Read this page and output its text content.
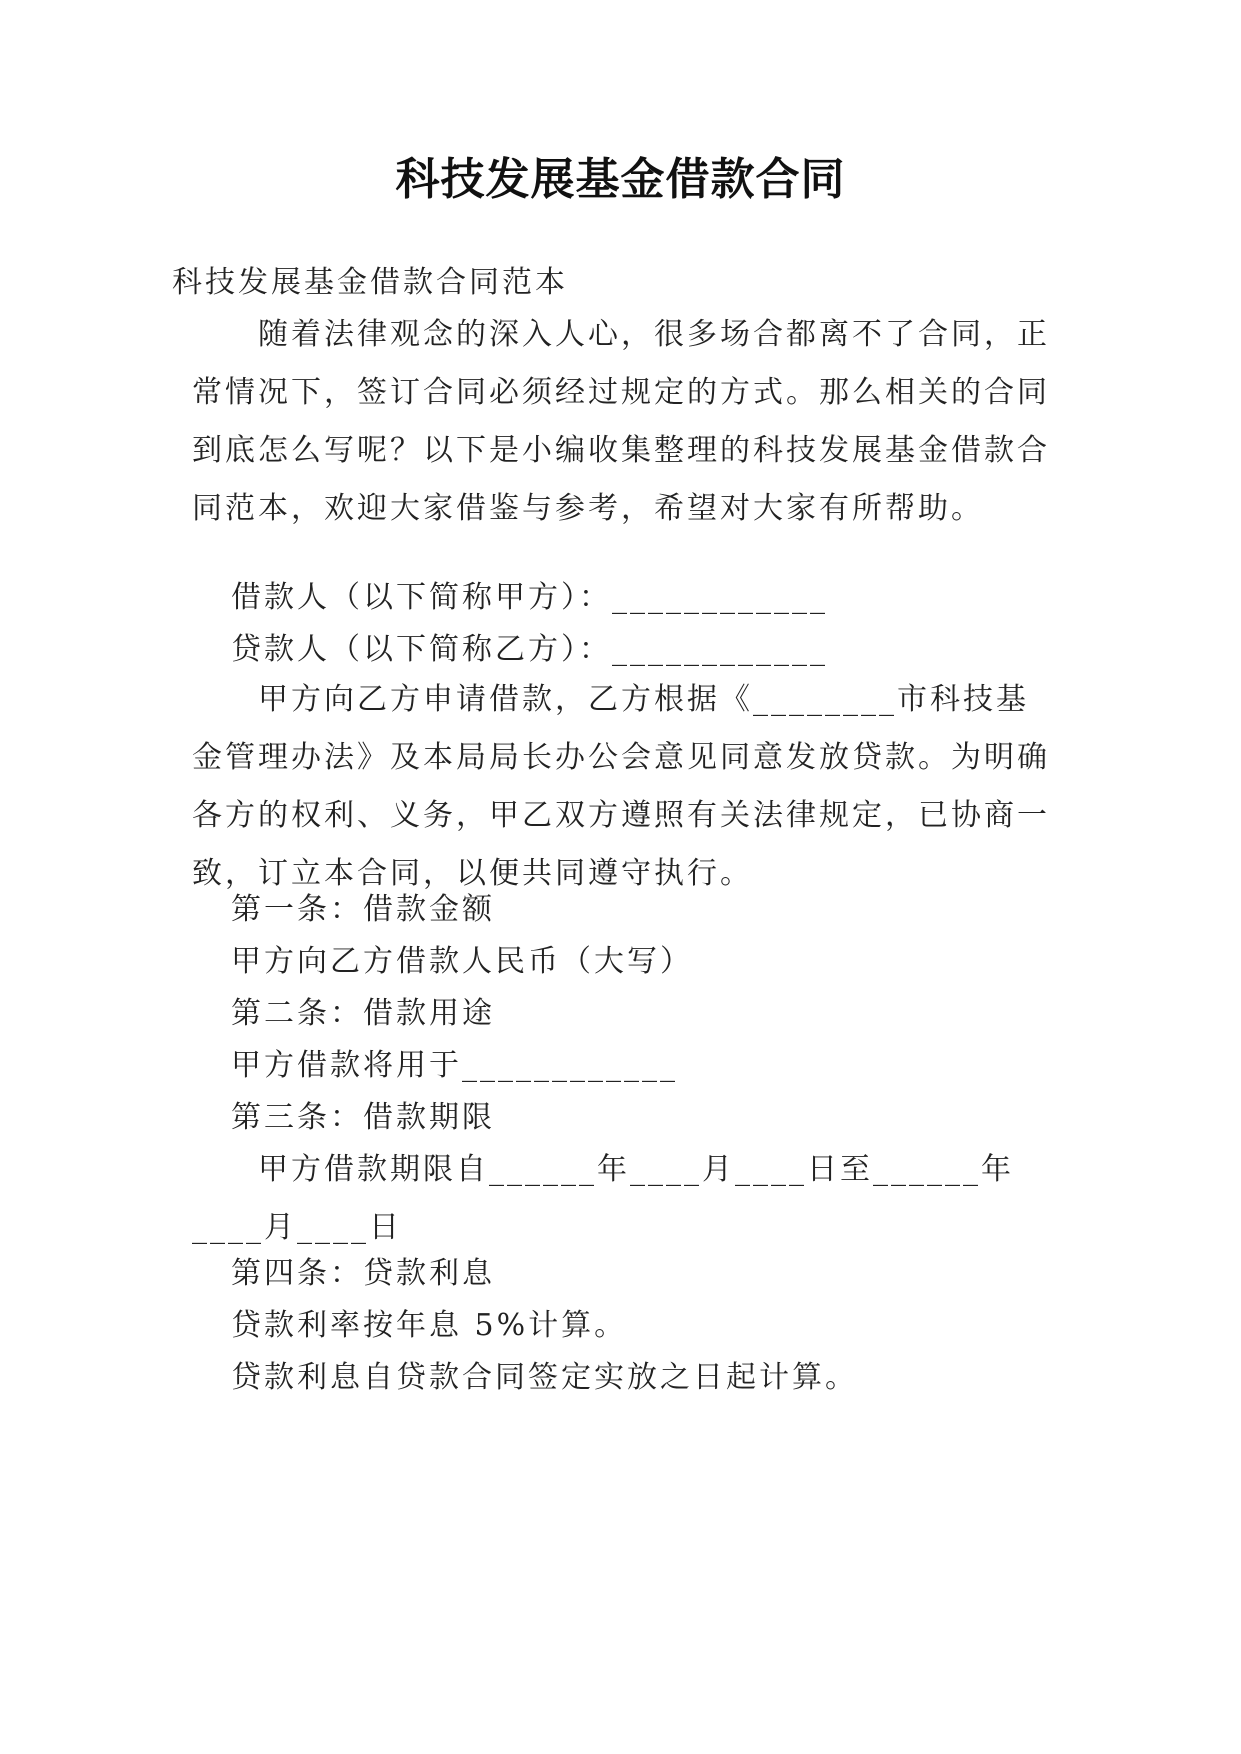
科技发展基金借款合同
科技发展基金借款合同范本
随着法律观念的深入人心，很多场合都离不了合同，正常情况下，签订合同必须经过规定的方式。那么相关的合同到底怎么写呢？以下是小编收集整理的科技发展基金借款合同范本，欢迎大家借鉴与参考，希望对大家有所帮助。
借款人（以下简称甲方）：____________
贷款人（以下简称乙方）：____________
甲方向乙方申请借款，乙方根据《________市科技基金管理办法》及本局局长办公会意见同意发放贷款。为明确各方的权利、义务，甲乙双方遵照有关法律规定，已协商一致，订立本合同，以便共同遵守执行。
第一条：借款金额
甲方向乙方借款人民币（大写）
第二条：借款用途
甲方借款将用于____________
第三条：借款期限
甲方借款期限自______年____月____日至______年____月____日
第四条：贷款利息
贷款利率按年息 5%计算。
贷款利息自贷款合同签定实放之日起计算。
